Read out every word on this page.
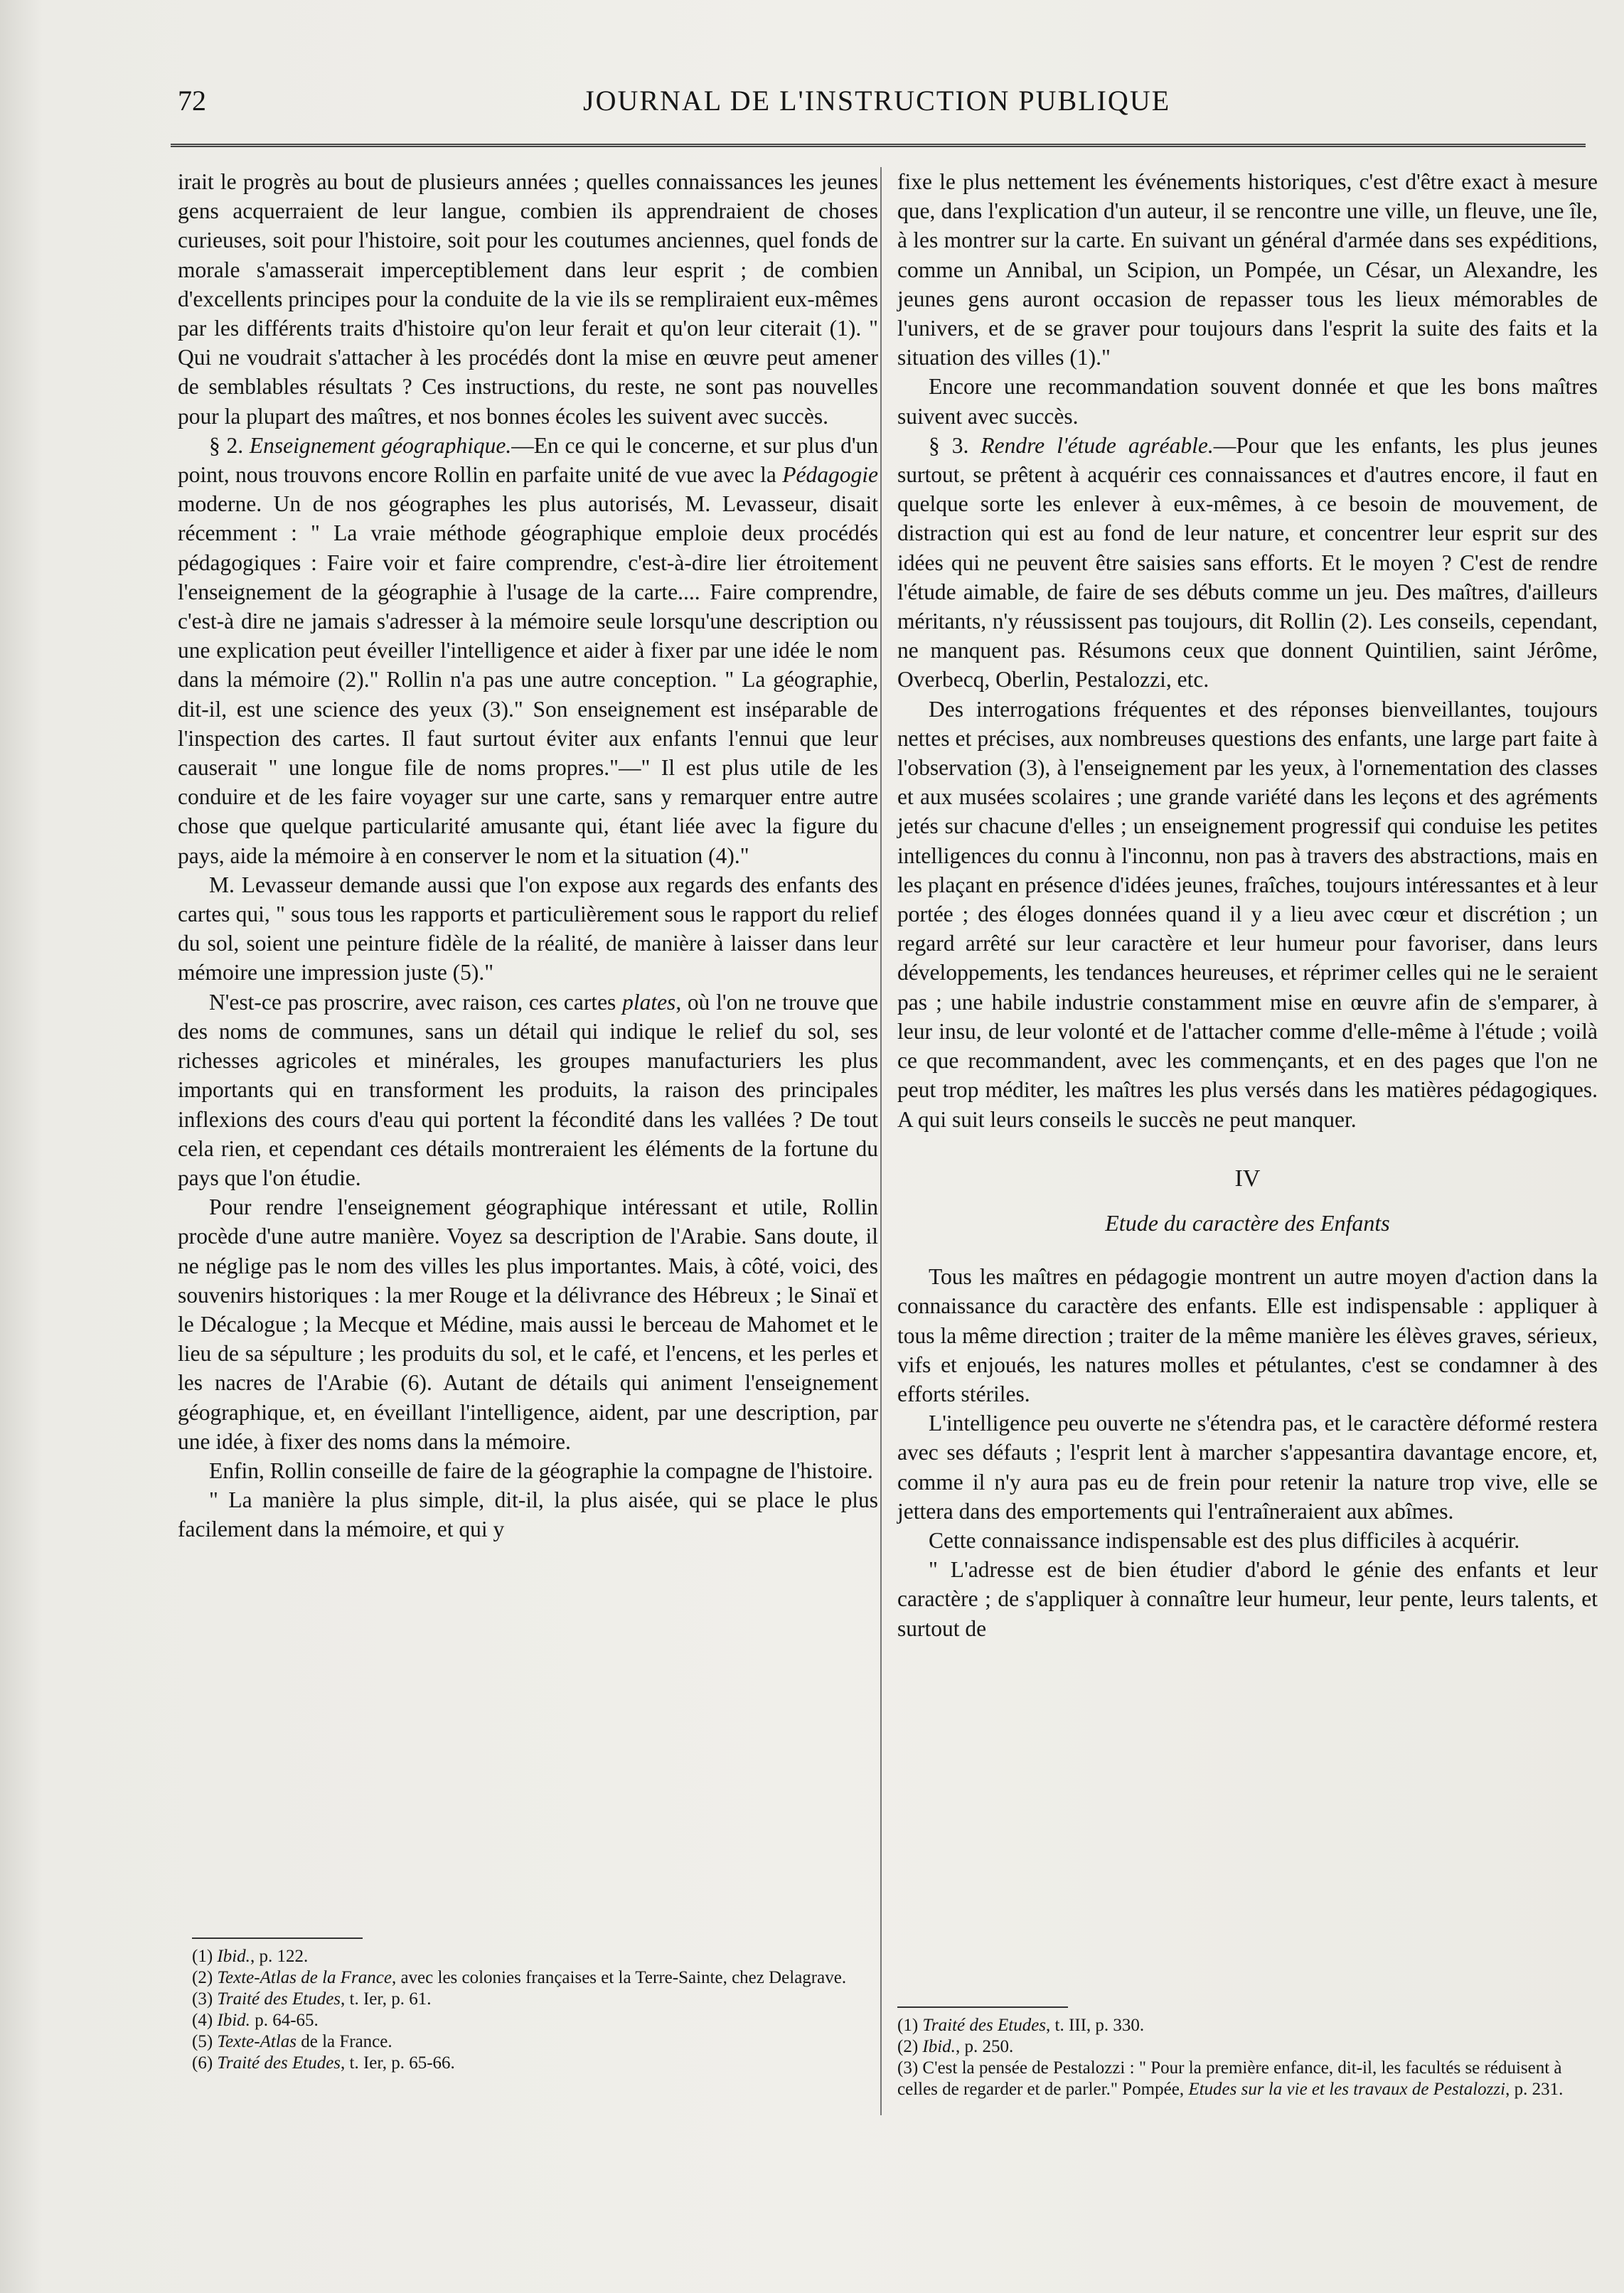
72	JOURNAL DE L'INSTRUCTION PUBLIQUE

irait le progrès au bout de plusieurs années ; quelles connaissances les jeunes gens acquerraient de leur langue, combien ils apprendraient de choses curieuses, soit pour l'histoire, soit pour les coutumes anciennes, quel fonds de morale s'amasserait imperceptiblement dans leur esprit ; de combien d'excellents principes pour la conduite de la vie ils se rempliraient eux-mêmes par les différents traits d'histoire qu'on leur ferait et qu'on leur citerait (1). " Qui ne voudrait s'attacher à les procédés dont la mise en œuvre peut amener de semblables résultats ? Ces instructions, du reste, ne sont pas nouvelles pour la plupart des maîtres, et nos bonnes écoles les suivent avec succès.

§ 2. Enseignement géographique.—En ce qui le concerne, et sur plus d'un point, nous trouvons encore Rollin en parfaite unité de vue avec la Pédagogie moderne. Un de nos géographes les plus autorisés, M. Levasseur, disait récemment : " La vraie méthode géographique emploie deux procédés pédagogiques : Faire voir et faire comprendre, c'est-à-dire lier étroitement l'enseignement de la géographie à l'usage de la carte.... Faire comprendre, c'est-à dire ne jamais s'adresser à la mémoire seule lorsqu'une description ou une explication peut éveiller l'intelligence et aider à fixer par une idée le nom dans la mémoire (2)." Rollin n'a pas une autre conception. " La géographie, dit-il, est une science des yeux (3)." Son enseignement est inséparable de l'inspection des cartes. Il faut surtout éviter aux enfants l'ennui que leur causerait " une longue file de noms propres."—" Il est plus utile de les conduire et de les faire voyager sur une carte, sans y remarquer entre autre chose que quelque particularité amusante qui, étant liée avec la figure du pays, aide la mémoire à en conserver le nom et la situation (4)."

M. Levasseur demande aussi que l'on expose aux regards des enfants des cartes qui, " sous tous les rapports et particulièrement sous le rapport du relief du sol, soient une peinture fidèle de la réalité, de manière à laisser dans leur mémoire une impression juste (5)."

N'est-ce pas proscrire, avec raison, ces cartes plates, où l'on ne trouve que des noms de communes, sans un détail qui indique le relief du sol, ses richesses agricoles et minérales, les groupes manufacturiers les plus importants qui en transforment les produits, la raison des principales inflexions des cours d'eau qui portent la fécondité dans les vallées ? De tout cela rien, et cependant ces détails montreraient les éléments de la fortune du pays que l'on étudie.

Pour rendre l'enseignement géographique intéressant et utile, Rollin procède d'une autre manière. Voyez sa description de l'Arabie. Sans doute, il ne néglige pas le nom des villes les plus importantes. Mais, à côté, voici, des souvenirs historiques : la mer Rouge et la délivrance des Hébreux ; le Sinaï et le Décalogue ; la Mecque et Médine, mais aussi le berceau de Mahomet et le lieu de sa sépulture ; les produits du sol, et le café, et l'encens, et les perles et les nacres de l'Arabie (6). Autant de détails qui animent l'enseignement géographique, et, en éveillant l'intelligence, aident, par une description, par une idée, à fixer des noms dans la mémoire.

Enfin, Rollin conseille de faire de la géographie la compagne de l'histoire.

" La manière la plus simple, dit-il, la plus aisée, qui se place le plus facilement dans la mémoire, et qui y

fixe le plus nettement les événements historiques, c'est d'être exact à mesure que, dans l'explication d'un auteur, il se rencontre une ville, un fleuve, une île, à les montrer sur la carte. En suivant un général d'armée dans ses expéditions, comme un Annibal, un Scipion, un Pompée, un César, un Alexandre, les jeunes gens auront occasion de repasser tous les lieux mémorables de l'univers, et de se graver pour toujours dans l'esprit la suite des faits et la situation des villes (1)."

Encore une recommandation souvent donnée et que les bons maîtres suivent avec succès.

§ 3. Rendre l'étude agréable.—Pour que les enfants, les plus jeunes surtout, se prêtent à acquérir ces connaissances et d'autres encore, il faut en quelque sorte les enlever à eux-mêmes, à ce besoin de mouvement, de distraction qui est au fond de leur nature, et concentrer leur esprit sur des idées qui ne peuvent être saisies sans efforts. Et le moyen ? C'est de rendre l'étude aimable, de faire de ses débuts comme un jeu. Des maîtres, d'ailleurs méritants, n'y réussissent pas toujours, dit Rollin (2). Les conseils, cependant, ne manquent pas. Résumons ceux que donnent Quintilien, saint Jérôme, Overbecq, Oberlin, Pestalozzi, etc.

Des interrogations fréquentes et des réponses bienveillantes, toujours nettes et précises, aux nombreuses questions des enfants, une large part faite à l'observation (3), à l'enseignement par les yeux, à l'ornementation des classes et aux musées scolaires ; une grande variété dans les leçons et des agréments jetés sur chacune d'elles ; un enseignement progressif qui conduise les petites intelligences du connu à l'inconnu, non pas à travers des abstractions, mais en les plaçant en présence d'idées jeunes, fraîches, toujours intéressantes et à leur portée ; des éloges données quand il y a lieu avec cœur et discrétion ; un regard arrêté sur leur caractère et leur humeur pour favoriser, dans leurs développements, les tendances heureuses, et réprimer celles qui ne le seraient pas ; une habile industrie constamment mise en œuvre afin de s'emparer, à leur insu, de leur volonté et de l'attacher comme d'elle-même à l'étude ; voilà ce que recommandent, avec les commençants, et en des pages que l'on ne peut trop méditer, les maîtres les plus versés dans les matières pédagogiques. A qui suit leurs conseils le succès ne peut manquer.

IV
Etude du caractère des Enfants

Tous les maîtres en pédagogie montrent un autre moyen d'action dans la connaissance du caractère des enfants. Elle est indispensable : appliquer à tous la même direction ; traiter de la même manière les élèves graves, sérieux, vifs et enjoués, les natures molles et pétulantes, c'est se condamner à des efforts stériles.

L'intelligence peu ouverte ne s'étendra pas, et le caractère déformé restera avec ses défauts ; l'esprit lent à marcher s'appesantira davantage encore, et, comme il n'y aura pas eu de frein pour retenir la nature trop vive, elle se jettera dans des emportements qui l'entraîneraient aux abîmes.

Cette connaissance indispensable est des plus difficiles à acquérir.

" L'adresse est de bien étudier d'abord le génie des enfants et leur caractère ; de s'appliquer à connaître leur humeur, leur pente, leurs talents, et surtout de

(1) Ibid., p. 122.

(2) Texte-Atlas de la France, avec les colonies françaises et la Terre-Sainte, chez Delagrave.

(3) Traité des Etudes, t. Ier, p. 61.

(4) Ibid. p. 64-65.

(5) Texte-Atlas de la France.

(6) Traité des Etudes, t. Ier, p. 65-66.

(1) Traité des Etudes, t. III, p. 330.

(2) Ibid., p. 250.

(3) C'est la pensée de Pestalozzi : " Pour la première enfance, dit-il, les facultés se réduisent à celles de regarder et de parler." Pompée, Etudes sur la vie et les travaux de Pestalozzi, p. 231.
